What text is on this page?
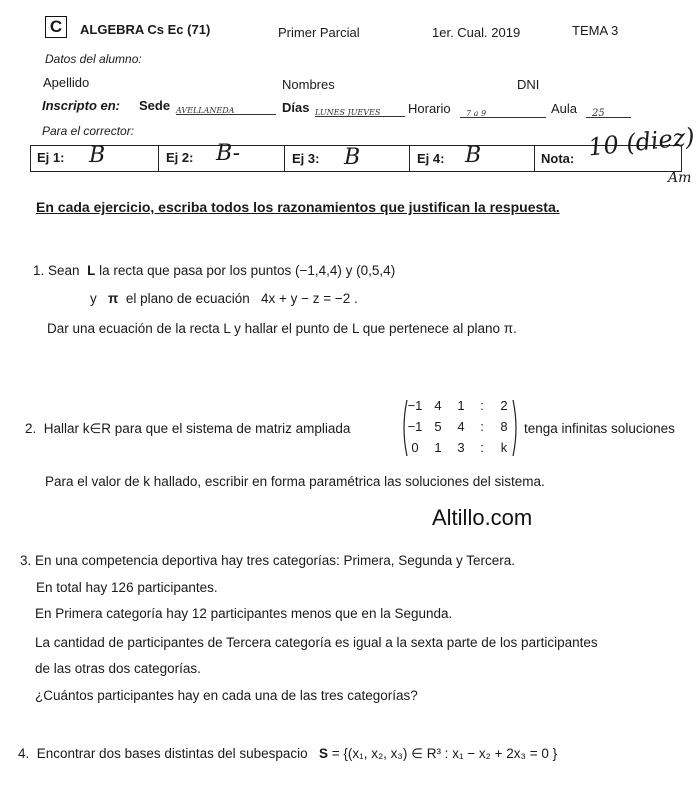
C	ALGEBRA Cs Ec (71)	Primer Parcial	1er. Cual. 2019	TEMA 3
Datos del alumno:
Apellido	Nombres	DNI
Inscripto en: Sede AVELLANEDA	Días LUNES JUEVES	Horario	7 a 9	Aula	25
Para el corrector:
Ej 1: B	Ej 2: B-	Ej 3: B	Ej 4: B	Nota: 10 (diez)
Am
En cada ejercicio, escriba todos los razonamientos que justifican la respuesta.
1. Sean L la recta que pasa por los puntos (−1,4,4) y (0,5,4)
y π el plano de ecuación 4x + y − z = −2 .
Dar una ecuación de la recta L y hallar el punto de L que pertenece al plano π.
2. Hallar k∈R para que el sistema de matriz ampliada
−1 4	1	:	2
−1 5	4	:	8
0	1	3	:	k
tenga infinitas soluciones
Para el valor de k hallado, escribir en forma paramétrica las soluciones del sistema.
Altillo.com
3. En una competencia deportiva hay tres categorías: Primera, Segunda y Tercera.
En total hay 126 participantes.
En Primera categoría hay 12 participantes menos que en la Segunda.
La cantidad de participantes de Tercera categoría es igual a la sexta parte de los participantes
de las otras dos categorías.
¿Cuántos participantes hay en cada una de las tres categorías?
4. Encontrar dos bases distintas del subespacio S = {(x₁, x₂, x₃) ∈ R³ : x₁ − x₂ + 2x₃ = 0 }
